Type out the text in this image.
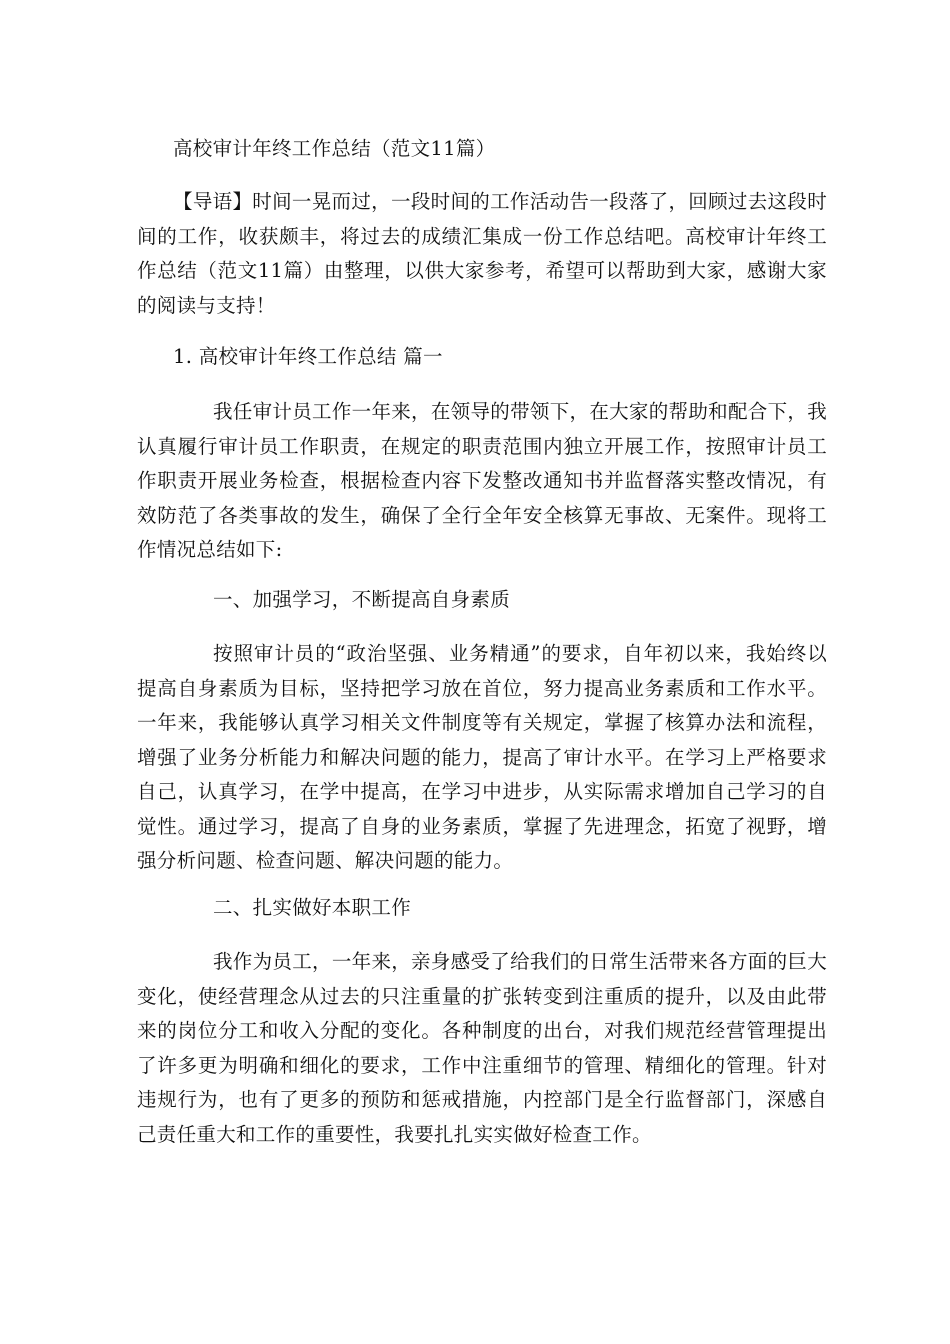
高校审计年终工作总结（范文11篇）
【导语】时间一晃而过，一段时间的工作活动告一段落了，回顾过去这段时间的工作，收获颇丰，将过去的成绩汇集成一份工作总结吧。高校审计年终工作总结（范文11篇）由整理，以供大家参考，希望可以帮助到大家，感谢大家的阅读与支持！
1. 高校审计年终工作总结 篇一
我任审计员工作一年来，在领导的带领下，在大家的帮助和配合下，我认真履行审计员工作职责，在规定的职责范围内独立开展工作，按照审计员工作职责开展业务检查，根据检查内容下发整改通知书并监督落实整改情况，有效防范了各类事故的发生，确保了全行全年安全核算无事故、无案件。现将工作情况总结如下:
一、加强学习，不断提高自身素质
按照审计员的“政治坚强、业务精通”的要求，自年初以来，我始终以提高自身素质为目标，坚持把学习放在首位，努力提高业务素质和工作水平。一年来，我能够认真学习相关文件制度等有关规定，掌握了核算办法和流程，增强了业务分析能力和解决问题的能力，提高了审计水平。在学习上严格要求自己，认真学习，在学中提高，在学习中进步，从实际需求增加自己学习的自觉性。通过学习，提高了自身的业务素质，掌握了先进理念，拓宽了视野，增强分析问题、检查问题、解决问题的能力。
二、扎实做好本职工作
我作为员工，一年来，亲身感受了给我们的日常生活带来各方面的巨大变化，使经营理念从过去的只注重量的扩张转变到注重质的提升，以及由此带来的岗位分工和收入分配的变化。各种制度的出台，对我们规范经营管理提出了许多更为明确和细化的要求，工作中注重细节的管理、精细化的管理。针对违规行为，也有了更多的预防和惩戒措施，内控部门是全行监督部门，深感自己责任重大和工作的重要性，我要扎扎实实做好检查工作。
